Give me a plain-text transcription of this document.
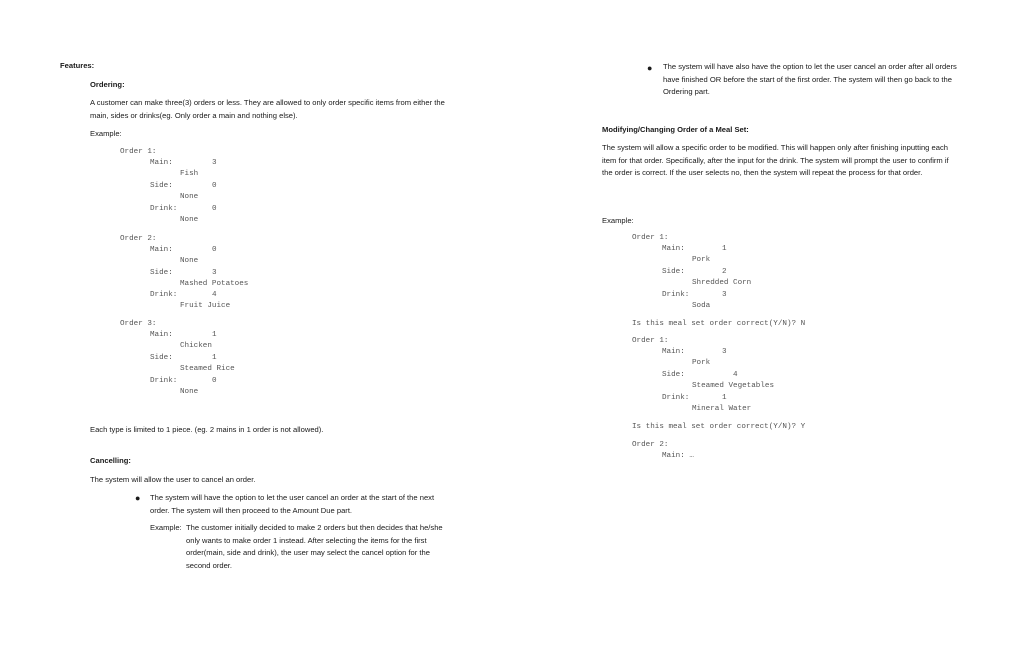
Features:
Ordering:
A customer can make three(3) orders or less. They are allowed to only order specific items from either the main, sides or drinks(eg. Only order a main and nothing else).
Example:
Order 1:
Main:	3
Fish
Side:	0
None
Drink:	0
None
Order 2:
Main:	0
None
Side:	3
Mashed Potatoes
Drink:	4
Fruit Juice
Order 3:
Main:	1
Chicken
Side:	1
Steamed Rice
Drink:	0
None
Each type is limited to 1 piece. (eg. 2 mains in 1 order is not allowed).
Cancelling:
The system will allow the user to cancel an order.
● The system will have the option to let the user cancel an order at the start of the next order. The system will then proceed to the Amount Due part.
Example: The customer initially decided to make 2 orders but then decides that he/she only wants to make order 1 instead. After selecting the items for the first order(main, side and drink), the user may select the cancel option for the second order.
● The system will have also have the option to let the user cancel an order after all orders have finished OR before the start of the first order. The system will then go back to the Ordering part.
Modifying/Changing Order of a Meal Set:
The system will allow a specific order to be modified. This will happen only after finishing inputting each item for that order. Specifically, after the input for the drink. The system will prompt the user to confirm if the order is correct. If the user selects no, then the system will repeat the process for that order.
Example:
Order 1:
Main:	1
Pork
Side:	2
Shredded Corn
Drink:	3
Soda
Is this meal set order correct(Y/N)? N
Order 1:
Main:	3
Pork
Side:	4
Steamed Vegetables
Drink:	1
Mineral Water
Is this meal set order correct(Y/N)? Y
Order 2:
Main: …
